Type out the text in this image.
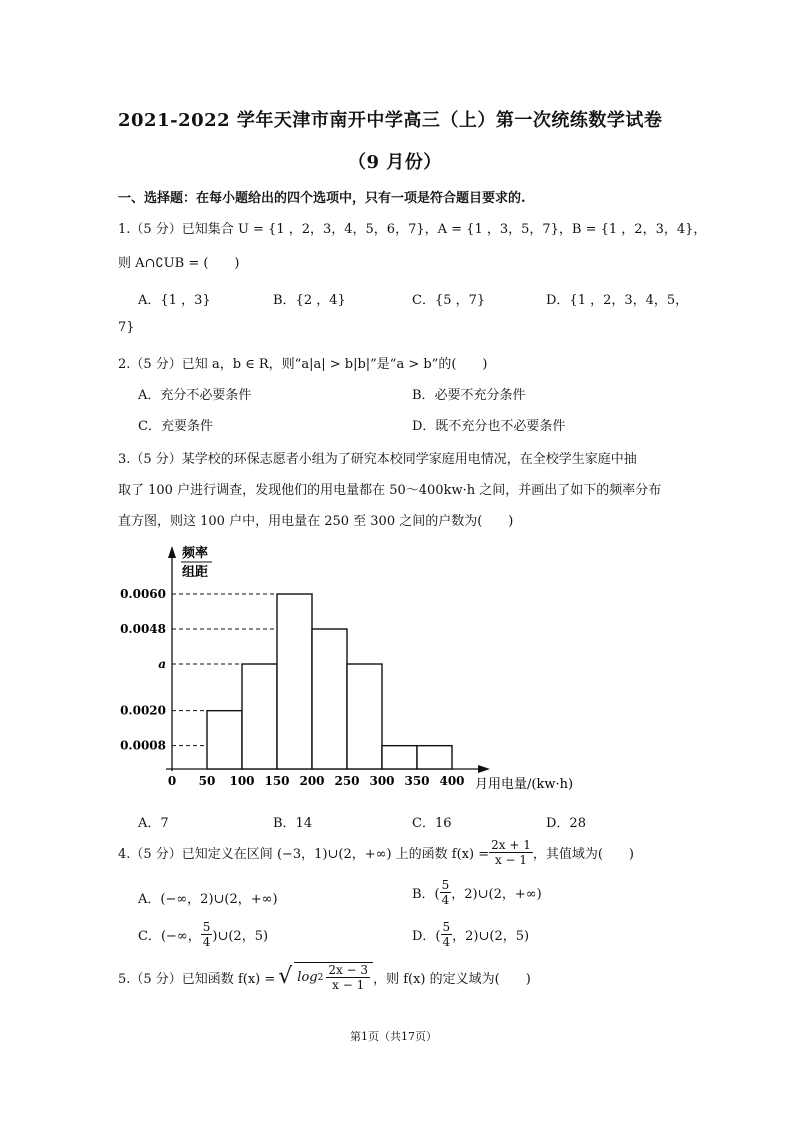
2021-2022 学年天津市南开中学高三（上）第一次统练数学试卷
（9 月份）
一、选择题：在每小题给出的四个选项中，只有一项是符合题目要求的.
1.（5 分）已知集合 U = {1 ，2，3，4，5，6，7}，A = {1 ，3，5，7}，B = {1 ，2，3，4}，
则 A∩∁UB = (　　)
A．{1 ，3}	B．{2 ，4}	C．{5 ，7}	D．{1 ，2，3，4，5，
7}
2.（5 分）已知 a，b ∈ R，则“a|a| > b|b|”是“a > b”的(　　)
A．充分不必要条件	B．必要不充分条件
C．充要条件	D．既不充分也不必要条件
3.（5 分）某学校的环保志愿者小组为了研究本校同学家庭用电情况，在全校学生家庭中抽
取了 100 户进行调查，发现他们的用电量都在 50～400kw·h 之间，并画出了如下的频率分布
直方图，则这 100 户中，用电量在 250 至 300 之间的户数为(　　)
频率
组距
月用电量/(kw·h)
0.0060
0.0048
a
0.0020
0.0008
0 50 100 150 200 250 300 350 400
A．7	B．14	C．16	D．28
4.（5 分）已知定义在区间 (−3，1)∪(2，+∞) 上的函数 $f(x) = \frac{2x + 1}{x - 1}$ ，其值域为(　　)
A．(−∞，2)∪(2，+∞)	B．( $\frac{5}{4}$ ，2)∪(2，+∞)
C．(−∞， $\frac{5}{4}$ )∪(2，5)	D．( $\frac{5}{4}$ ，2)∪(2，5)
5.（5 分）已知函数 f(x) = √ $\log 2 \frac{2x - 3}{x - 1}$ ，则 f(x) 的定义域为(　　)
第1页（共17页）
